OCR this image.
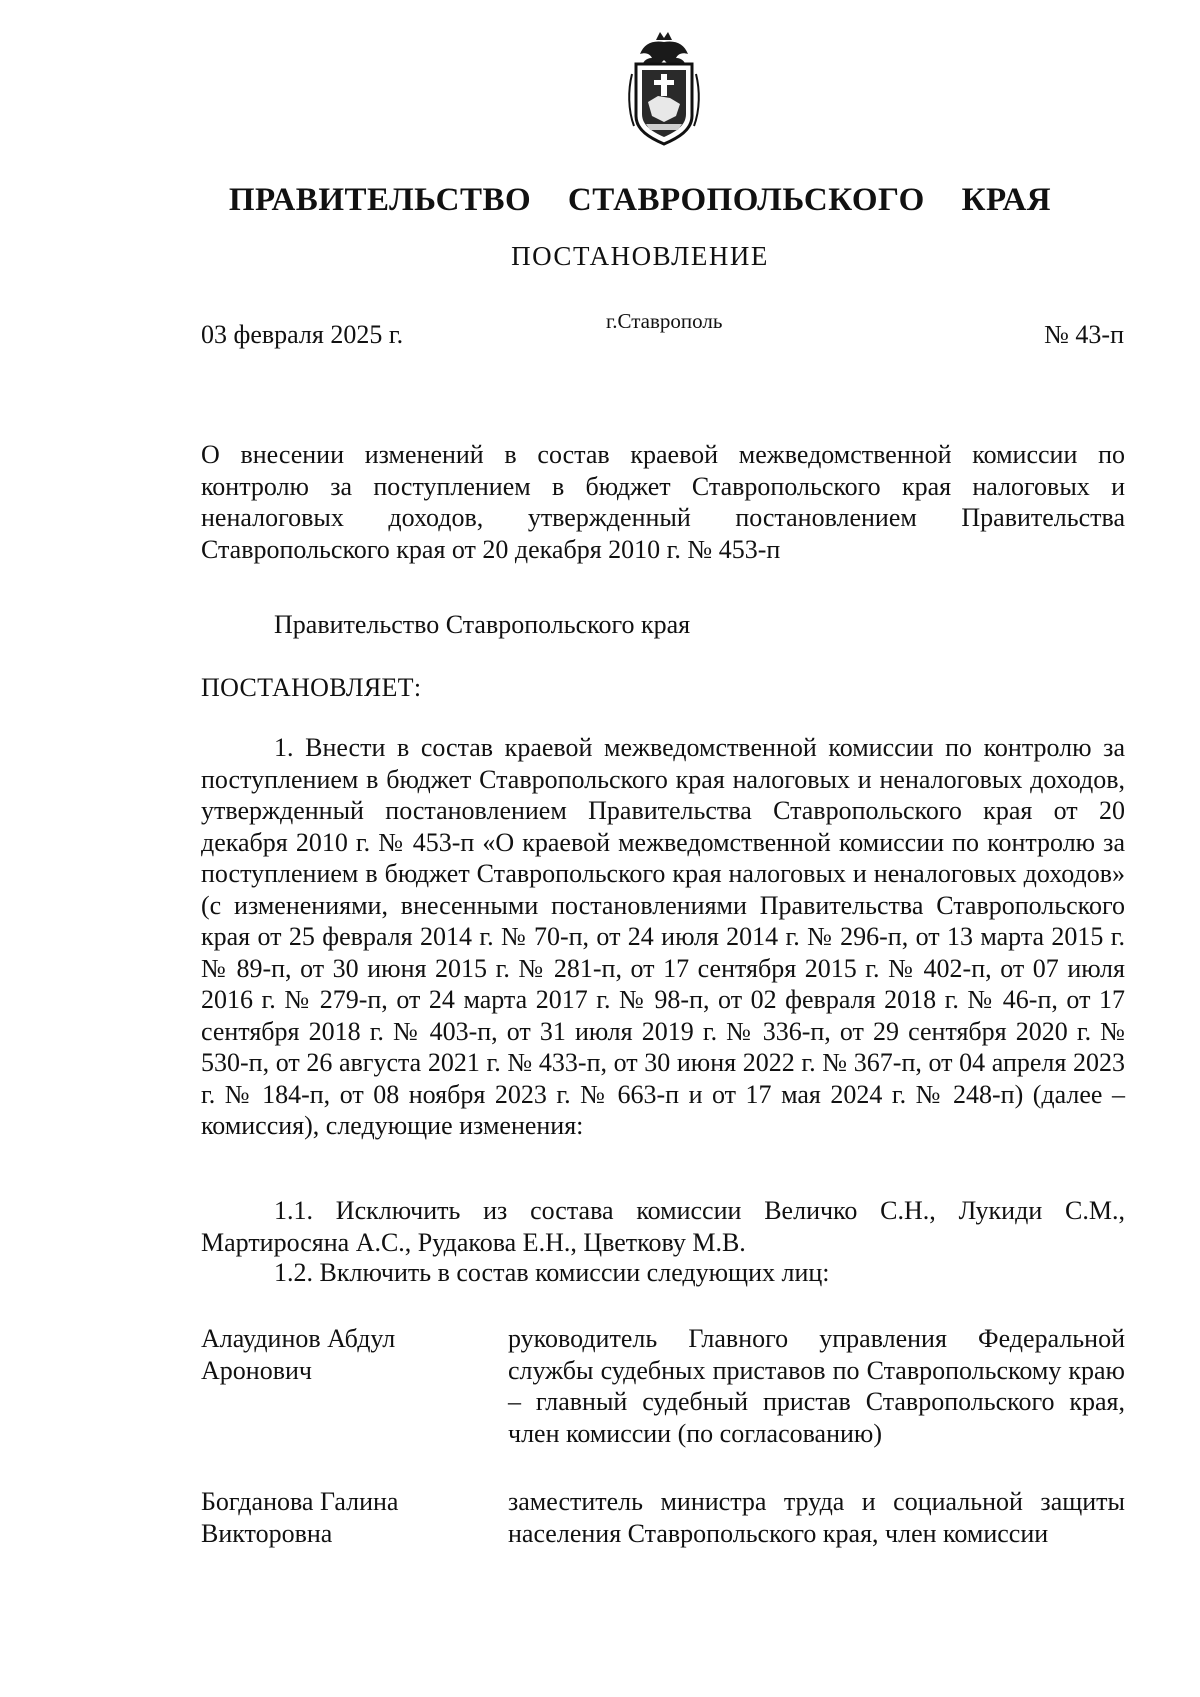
ПРАВИТЕЛЬСТВО СТАВРОПОЛЬСКОГО КРАЯ
ПОСТАНОВЛЕНИЕ
03 февраля 2025 г.	г.Ставрополь	№ 43-п
О внесении изменений в состав краевой межведомственной комиссии по контролю за поступлением в бюджет Ставропольского края налоговых и неналоговых доходов, утвержденный постановлением Правительства Ставропольского края от 20 декабря 2010 г. № 453-п
Правительство Ставропольского края
ПОСТАНОВЛЯЕТ:
1. Внести в состав краевой межведомственной комиссии по контролю за поступлением в бюджет Ставропольского края налоговых и неналоговых доходов, утвержденный постановлением Правительства Ставропольского края от 20 декабря 2010 г. № 453-п «О краевой межведомственной комиссии по контролю за поступлением в бюджет Ставропольского края налоговых и неналоговых доходов» (с изменениями, внесенными постановлениями Правительства Ставропольского края от 25 февраля 2014 г. № 70-п, от 24 июля 2014 г. № 296-п, от 13 марта 2015 г. № 89-п, от 30 июня 2015 г. № 281-п, от 17 сентября 2015 г. № 402-п, от 07 июля 2016 г. № 279-п, от 24 марта 2017 г. № 98-п, от 02 февраля 2018 г. № 46-п, от 17 сентября 2018 г. № 403-п, от 31 июля 2019 г. № 336-п, от 29 сентября 2020 г. № 530-п, от 26 августа 2021 г. № 433-п, от 30 июня 2022 г. № 367-п, от 04 апреля 2023 г. № 184-п, от 08 ноября 2023 г. № 663-п и от 17 мая 2024 г. № 248-п) (далее – комиссия), следующие изменения:
1.1. Исключить из состава комиссии Величко С.Н., Лукиди С.М., Мартиросяна А.С., Рудакова Е.Н., Цветкову М.В.
1.2. Включить в состав комиссии следующих лиц:
Алаудинов Абдул
Аронович
руководитель Главного управления Федеральной службы судебных приставов по Ставропольскому краю – главный судебный пристав Ставропольского края, член комиссии (по согласованию)
Богданова Галина
Викторовна
заместитель министра труда и социальной защиты населения Ставропольского края, член комиссии
